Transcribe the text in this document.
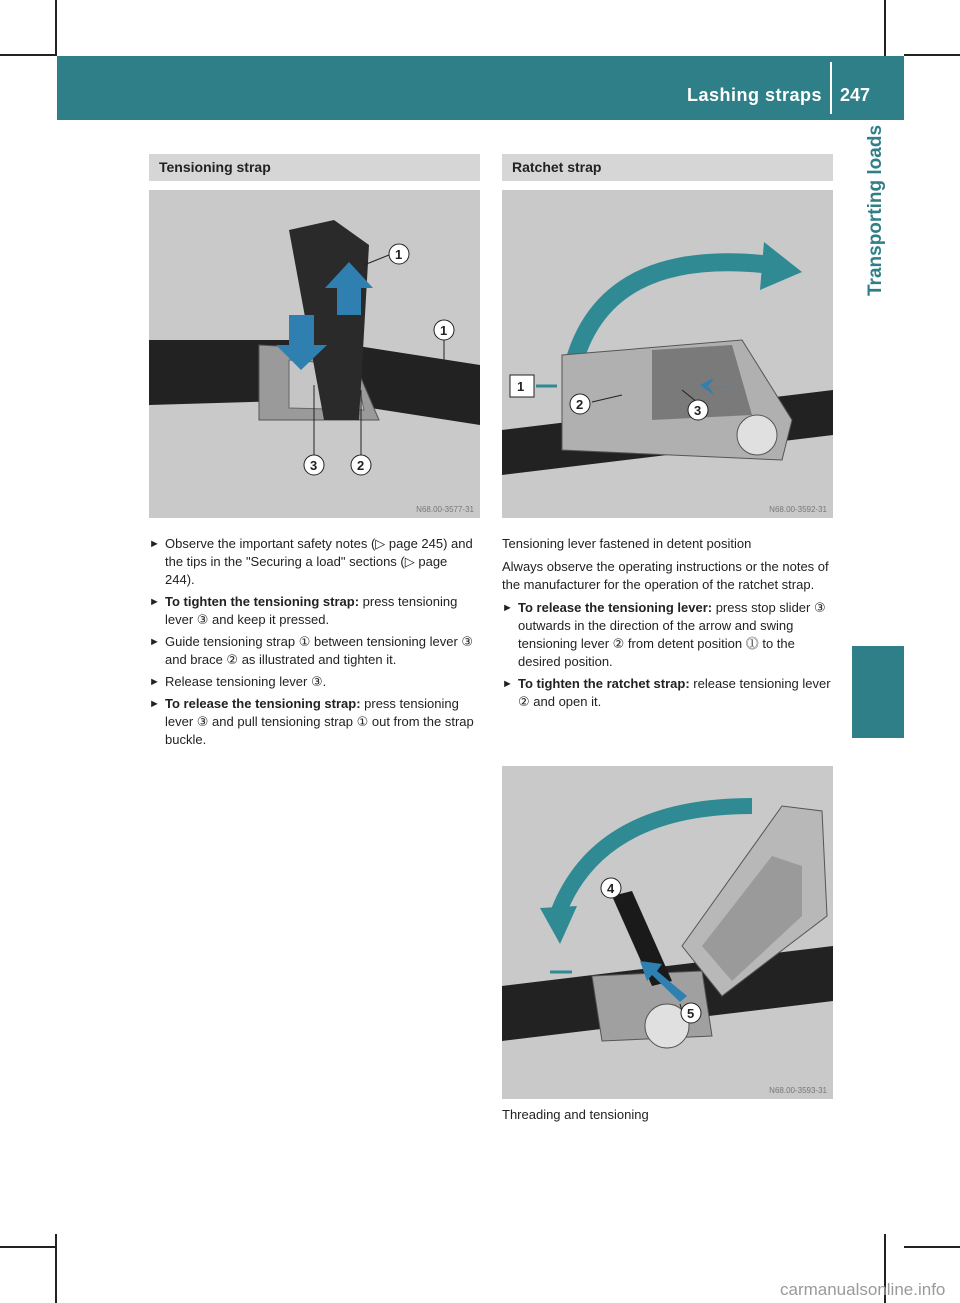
Lashing straps 247
Transporting loads
Tensioning strap
1
1
3	2
N68.00-3577-31
► Observe the important safety notes (▷ page 245) and the tips in the "Securing a load" sections (▷ page 244).
► To tighten the tensioning strap: press tensioning lever ③ and keep it pressed.
► Guide tensioning strap ① between tensioning lever ③ and brace ② as illustrated and tighten it.
► Release tensioning lever ③.
► To release the tensioning strap: press tensioning lever ③ and pull tensioning strap ① out from the strap buckle.
Ratchet strap
1
2	3
N68.00-3592-31

Tensioning lever fastened in detent position

Always observe the operating instructions or the notes of the manufacturer for the operation of the ratchet strap.

► To release the tensioning lever: press stop slider ③ outwards in the direction of the arrow and swing tensioning lever ② from detent position ⓵ to the desired position.
► To tighten the ratchet strap: release tensioning lever ② and open it.
4
5
N68.00-3593-31
Threading and tensioning
carmanualsonline.info
